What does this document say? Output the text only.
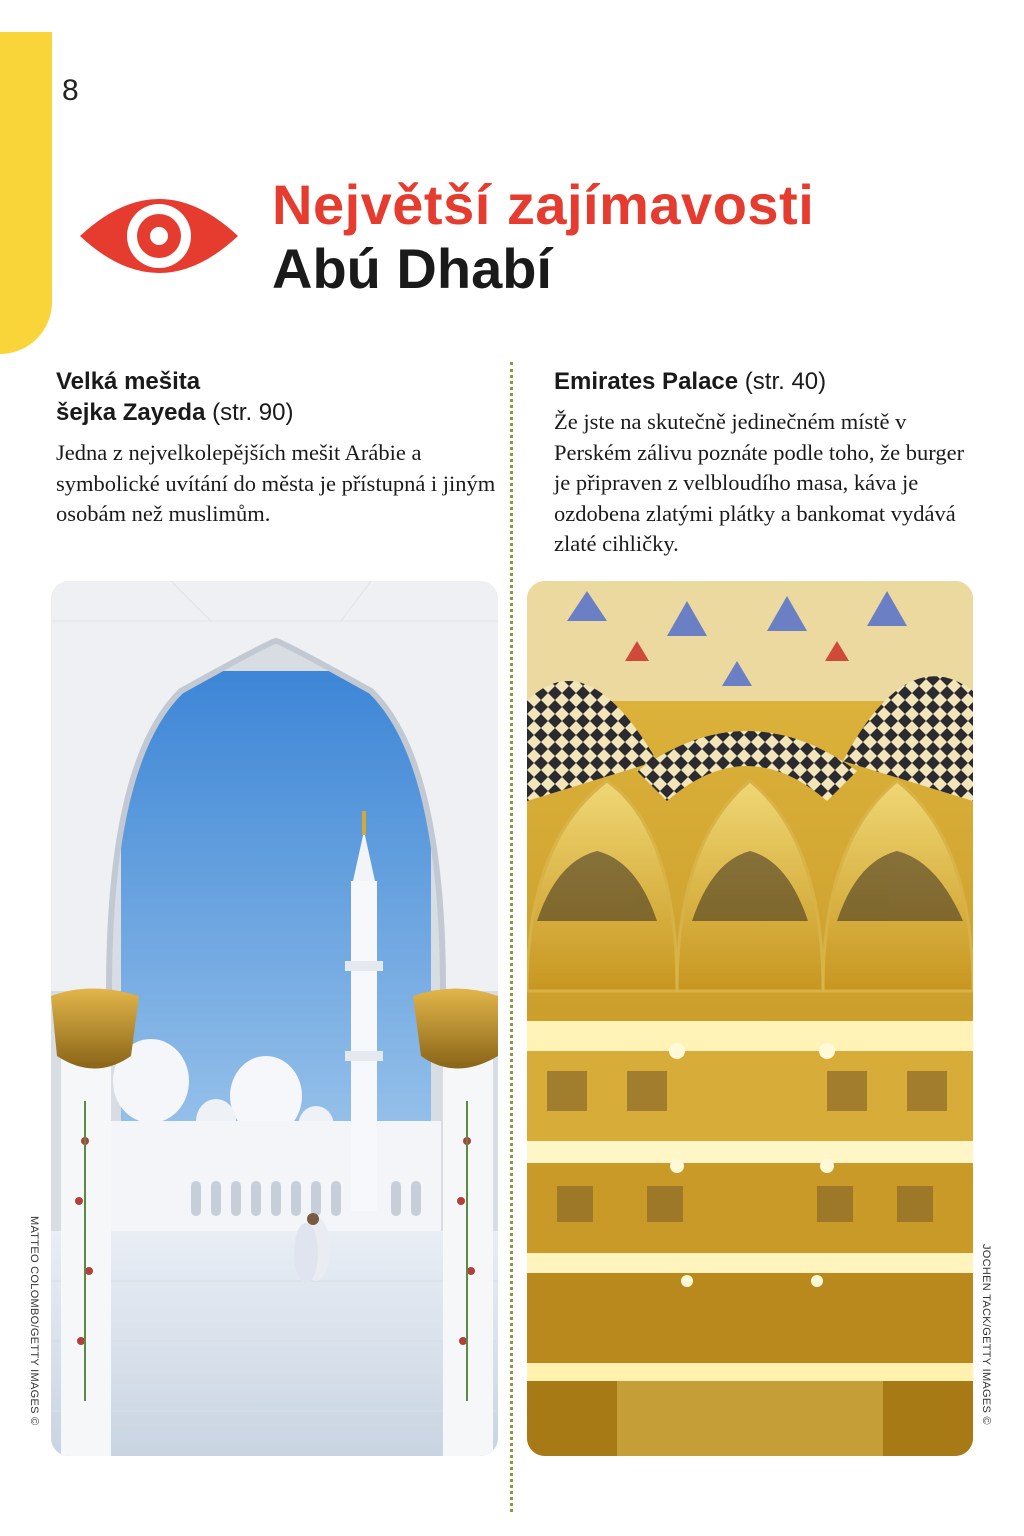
8
Největší zajímavosti
Abú Dhabí
Velká mešita
šejka Zayeda (str. 90)
Jedna z nejvelkolepějších mešit Arábie a symbolické uvítání do města je přístupná i jiným osobám než muslimům.
Emirates Palace (str. 40)
Že jste na skutečně jedinečném místě v Perském zálivu poznáte podle toho, že burger je připraven z velbloudího masa, káva je ozdobena zlatými plátky a bankomat vydává zlaté cihličky.
MATTEO COLOMBO/GETTY IMAGES ©	JOCHEN TACK/GETTY IMAGES ©
